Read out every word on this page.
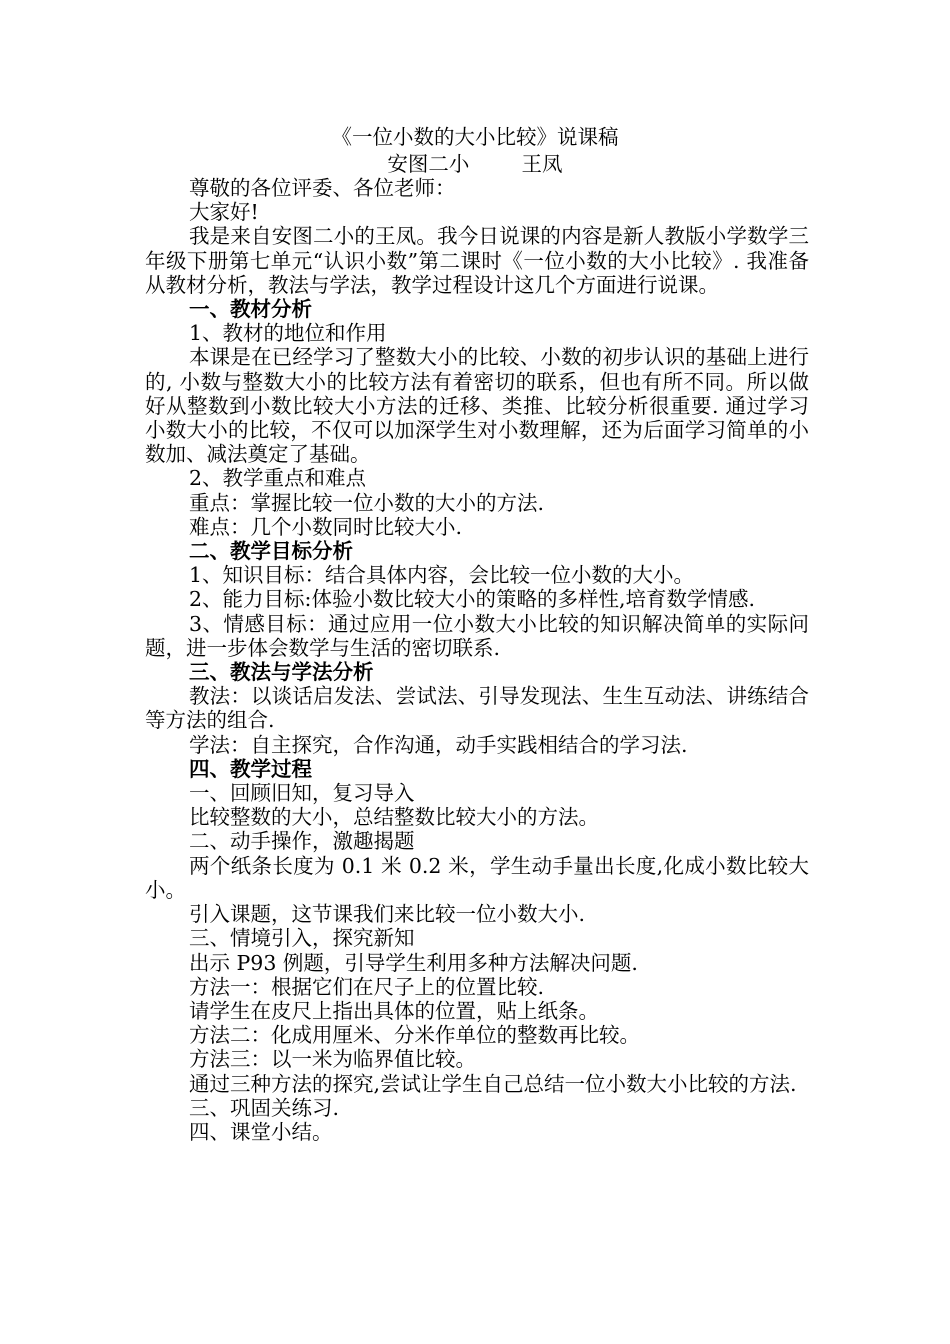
《一位小数的大小比较》说课稿
安图二小        王凤

尊敬的各位评委、各位老师：

大家好!

我是来自安图二小的王凤。我今日说课的内容是新人教版小学数学三年级下册第七单元“认识小数”第二课时《一位小数的大小比较》. 我准备从教材分析，教法与学法，教学过程设计这几个方面进行说课。

一、教材分析

1、教材的地位和作用

本课是在已经学习了整数大小的比较、小数的初步认识的基础上进行的, 小数与整数大小的比较方法有着密切的联系，但也有所不同。所以做好从整数到小数比较大小方法的迁移、类推、比较分析很重要. 通过学习小数大小的比较，不仅可以加深学生对小数理解，还为后面学习简单的小数加、减法奠定了基础。

2、教学重点和难点

重点：掌握比较一位小数的大小的方法.

难点：几个小数同时比较大小.

二、教学目标分析

1、知识目标：结合具体内容，会比较一位小数的大小。

2、能力目标:体验小数比较大小的策略的多样性,培育数学情感.

3、情感目标：通过应用一位小数大小比较的知识解决简单的实际问题，进一步体会数学与生活的密切联系.

三、教法与学法分析

教法：以谈话启发法、尝试法、引导发现法、生生互动法、讲练结合等方法的组合.

学法：自主探究，合作沟通，动手实践相结合的学习法.

四、教学过程

一、回顾旧知，复习导入

比较整数的大小，总结整数比较大小的方法。

二、动手操作，激趣揭题

两个纸条长度为 0.1 米 0.2 米，学生动手量出长度,化成小数比较大小。

引入课题，这节课我们来比较一位小数大小.

三、情境引入，探究新知

出示 P93 例题，引导学生利用多种方法解决问题.

方法一：根据它们在尺子上的位置比较.

请学生在皮尺上指出具体的位置，贴上纸条。

方法二：化成用厘米、分米作单位的整数再比较。

方法三：以一米为临界值比较。

通过三种方法的探究,尝试让学生自己总结一位小数大小比较的方法.

三、巩固关练习.

四、课堂小结。
